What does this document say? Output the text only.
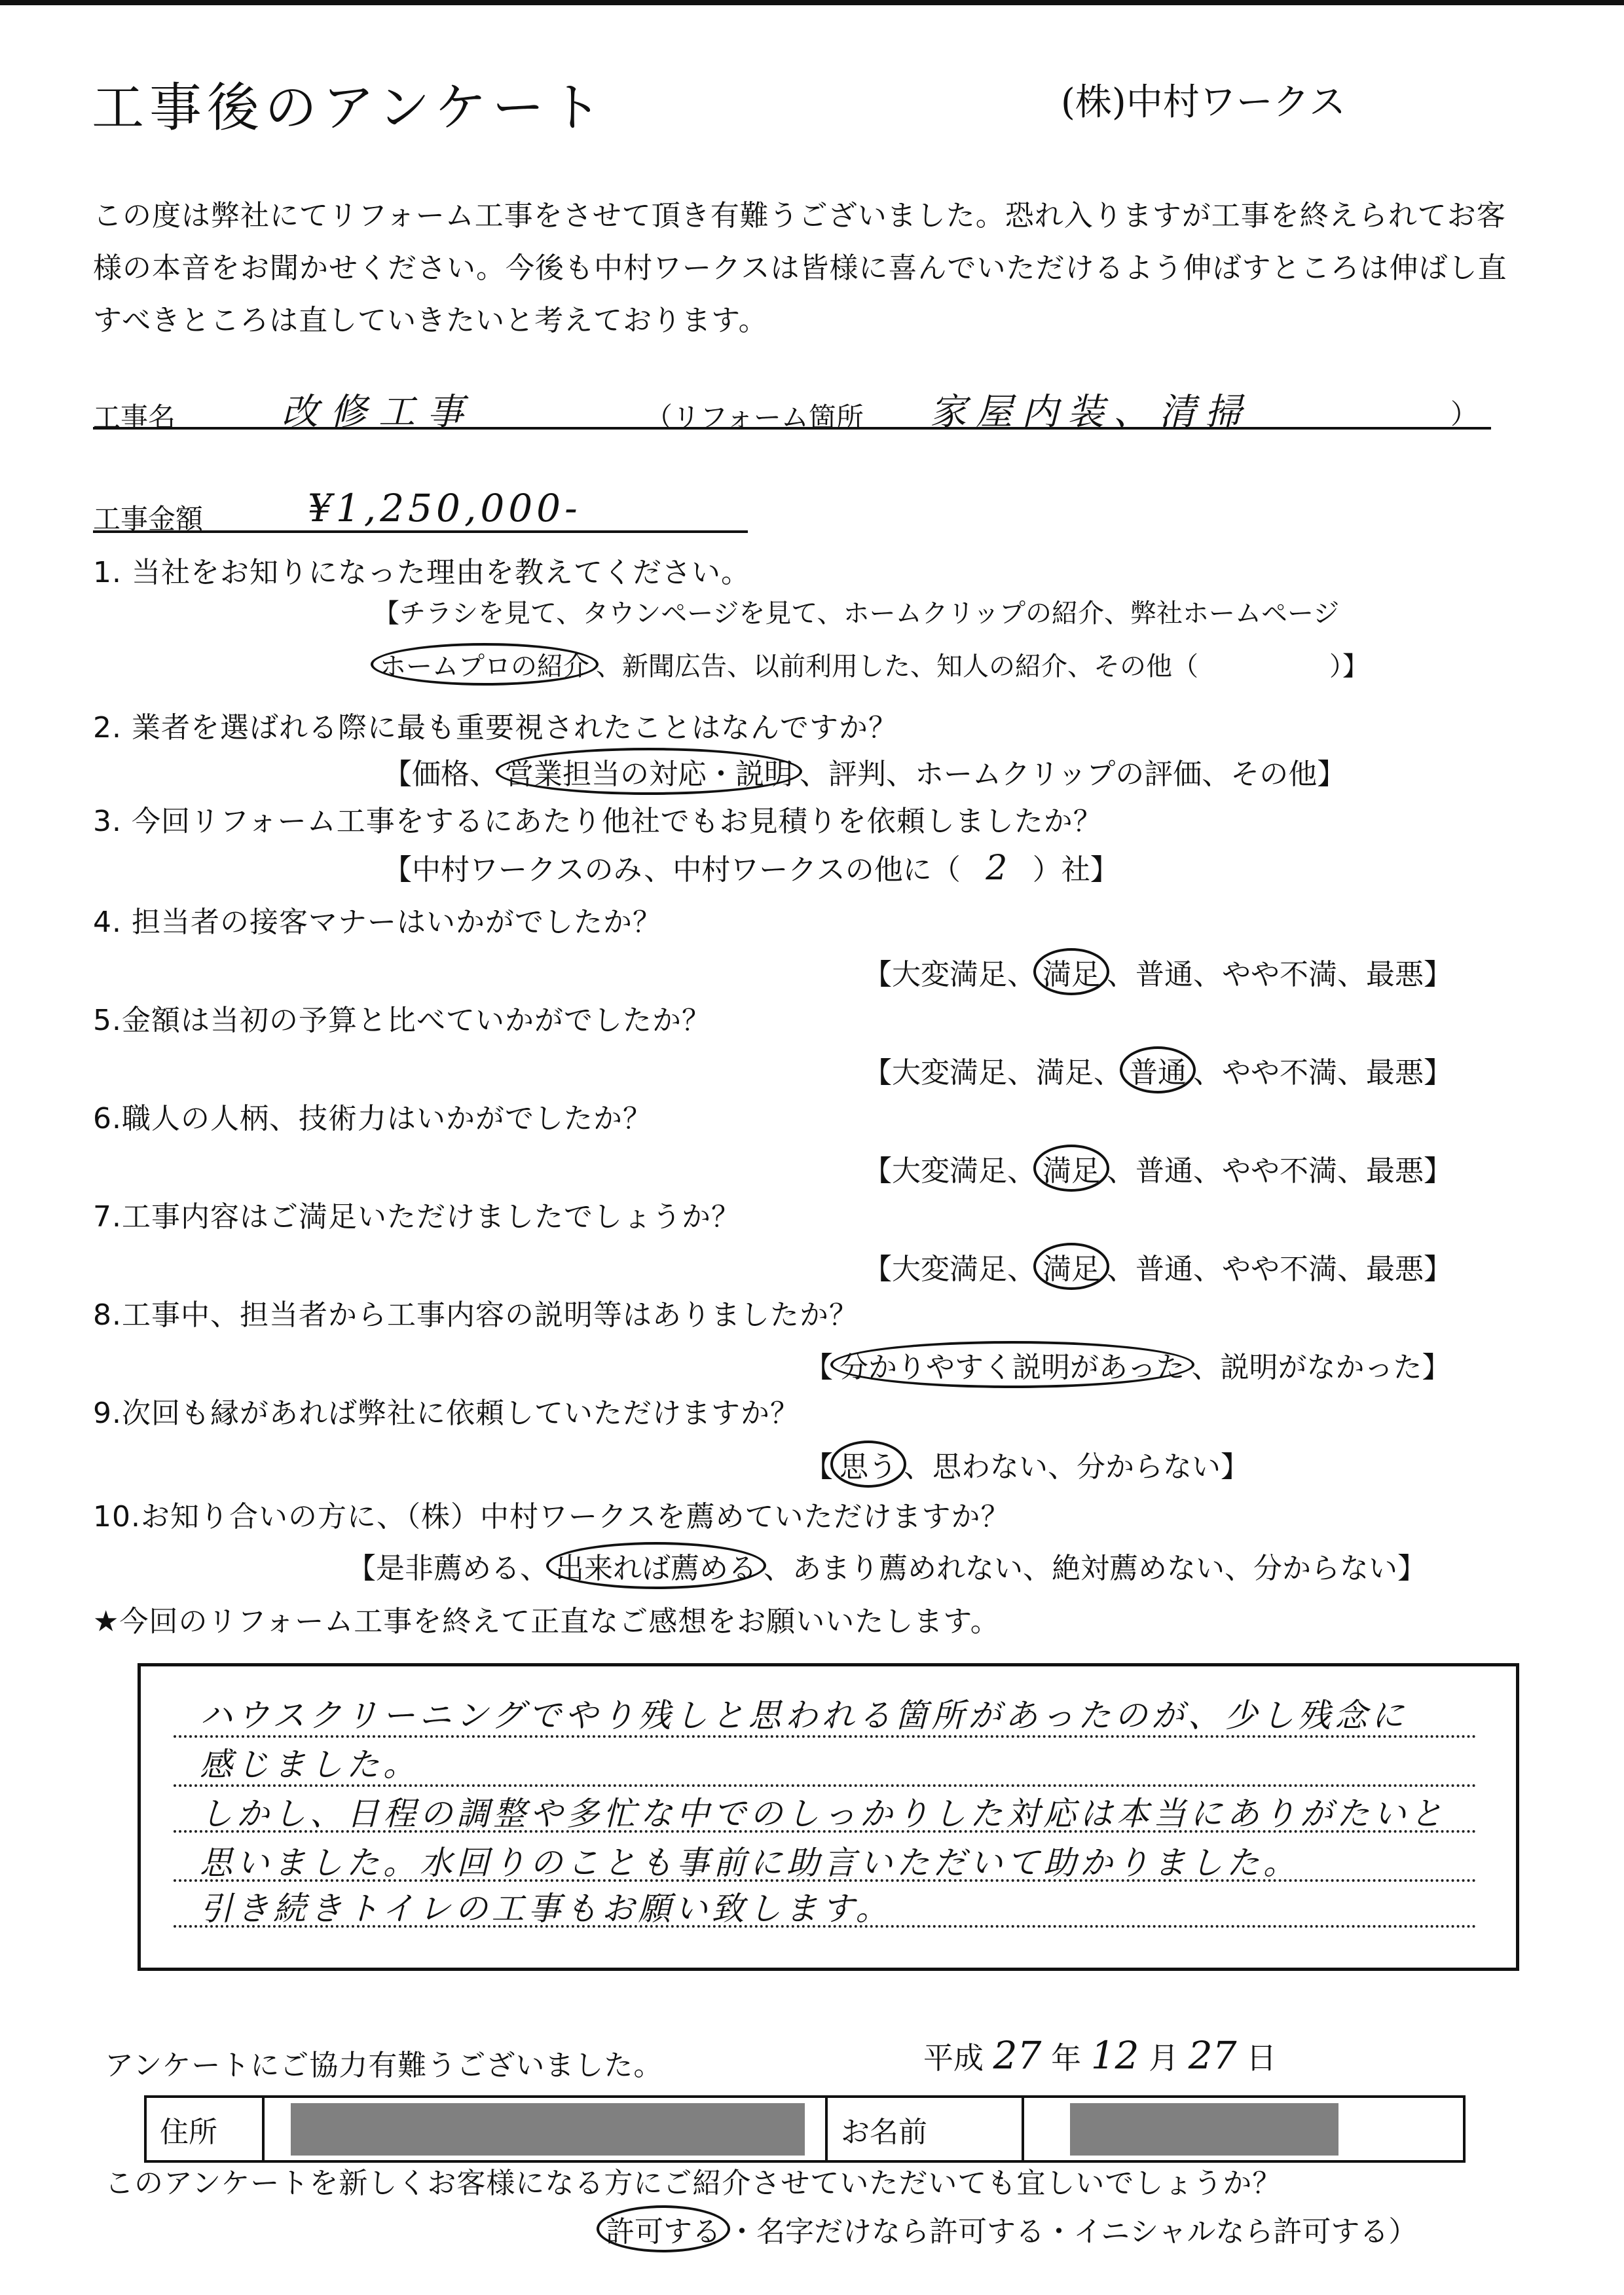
工事後のアンケート	(株)中村ワークス
この度は弊社にてリフォーム工事をさせて頂き有難うございました。恐れ入りますが工事を終えられてお客様の本音をお聞かせください。今後も中村ワークスは皆様に喜んでいただけるよう伸ばすところは伸ばし直すべきところは直していきたいと考えております。
工事名	改修工事	（リフォーム箇所 家屋内装、清掃	）
工事金額	¥1,250,000-
1. 当社をお知りになった理由を教えてください。
【チラシを見て、タウンページを見て、ホームクリップの紹介、弊社ホームページ
ホームプロの紹介 、新聞広告、以前利用した、知人の紹介、その他（　　　　　）】
2. 業者を選ばれる際に最も重要視されたことはなんですか？
【価格、 営業担当の対応・説明 、評判、ホームクリップの評価、その他】
3. 今回リフォーム工事をするにあたり他社でもお見積りを依頼しましたか？
【中村ワークスのみ、中村ワークスの他に（ 2 ）社】
4. 担当者の接客マナーはいかがでしたか？
【大変満足、 満足 、普通、やや不満、最悪】
5.金額は当初の予算と比べていかがでしたか？
【大変満足、満足、 普通 、やや不満、最悪】
6.職人の人柄、技術力はいかがでしたか？
【大変満足、 満足 、普通、やや不満、最悪】
7.工事内容はご満足いただけましたでしょうか？
【大変満足、 満足 、普通、やや不満、最悪】
8.工事中、担当者から工事内容の説明等はありましたか？
【 分かりやすく説明があった 、説明がなかった】
9.次回も縁があれば弊社に依頼していただけますか？
【 思う 、思わない、分からない】
10.お知り合いの方に、（株）中村ワークスを薦めていただけますか？
【是非薦める、 出来れば薦める 、あまり薦めれない、絶対薦めない、分からない】
★今回のリフォーム工事を終えて正直なご感想をお願いいたします。
ハウスクリーニングでやり残しと思われる箇所があったのが、少し残念に
感じました。
しかし、日程の調整や多忙な中でのしっかりした対応は本当にありがたいと
思いました。水回りのことも事前に助言いただいて助かりました。
引き続きトイレの工事もお願い致します。
アンケートにご協力有難うございました。	平成 27 年 12 月 27 日
住所	お名前
このアンケートを新しくお客様になる方にご紹介させていただいても宜しいでしょうか？
許可する ・名字だけなら許可する・イニシャルなら許可する）
